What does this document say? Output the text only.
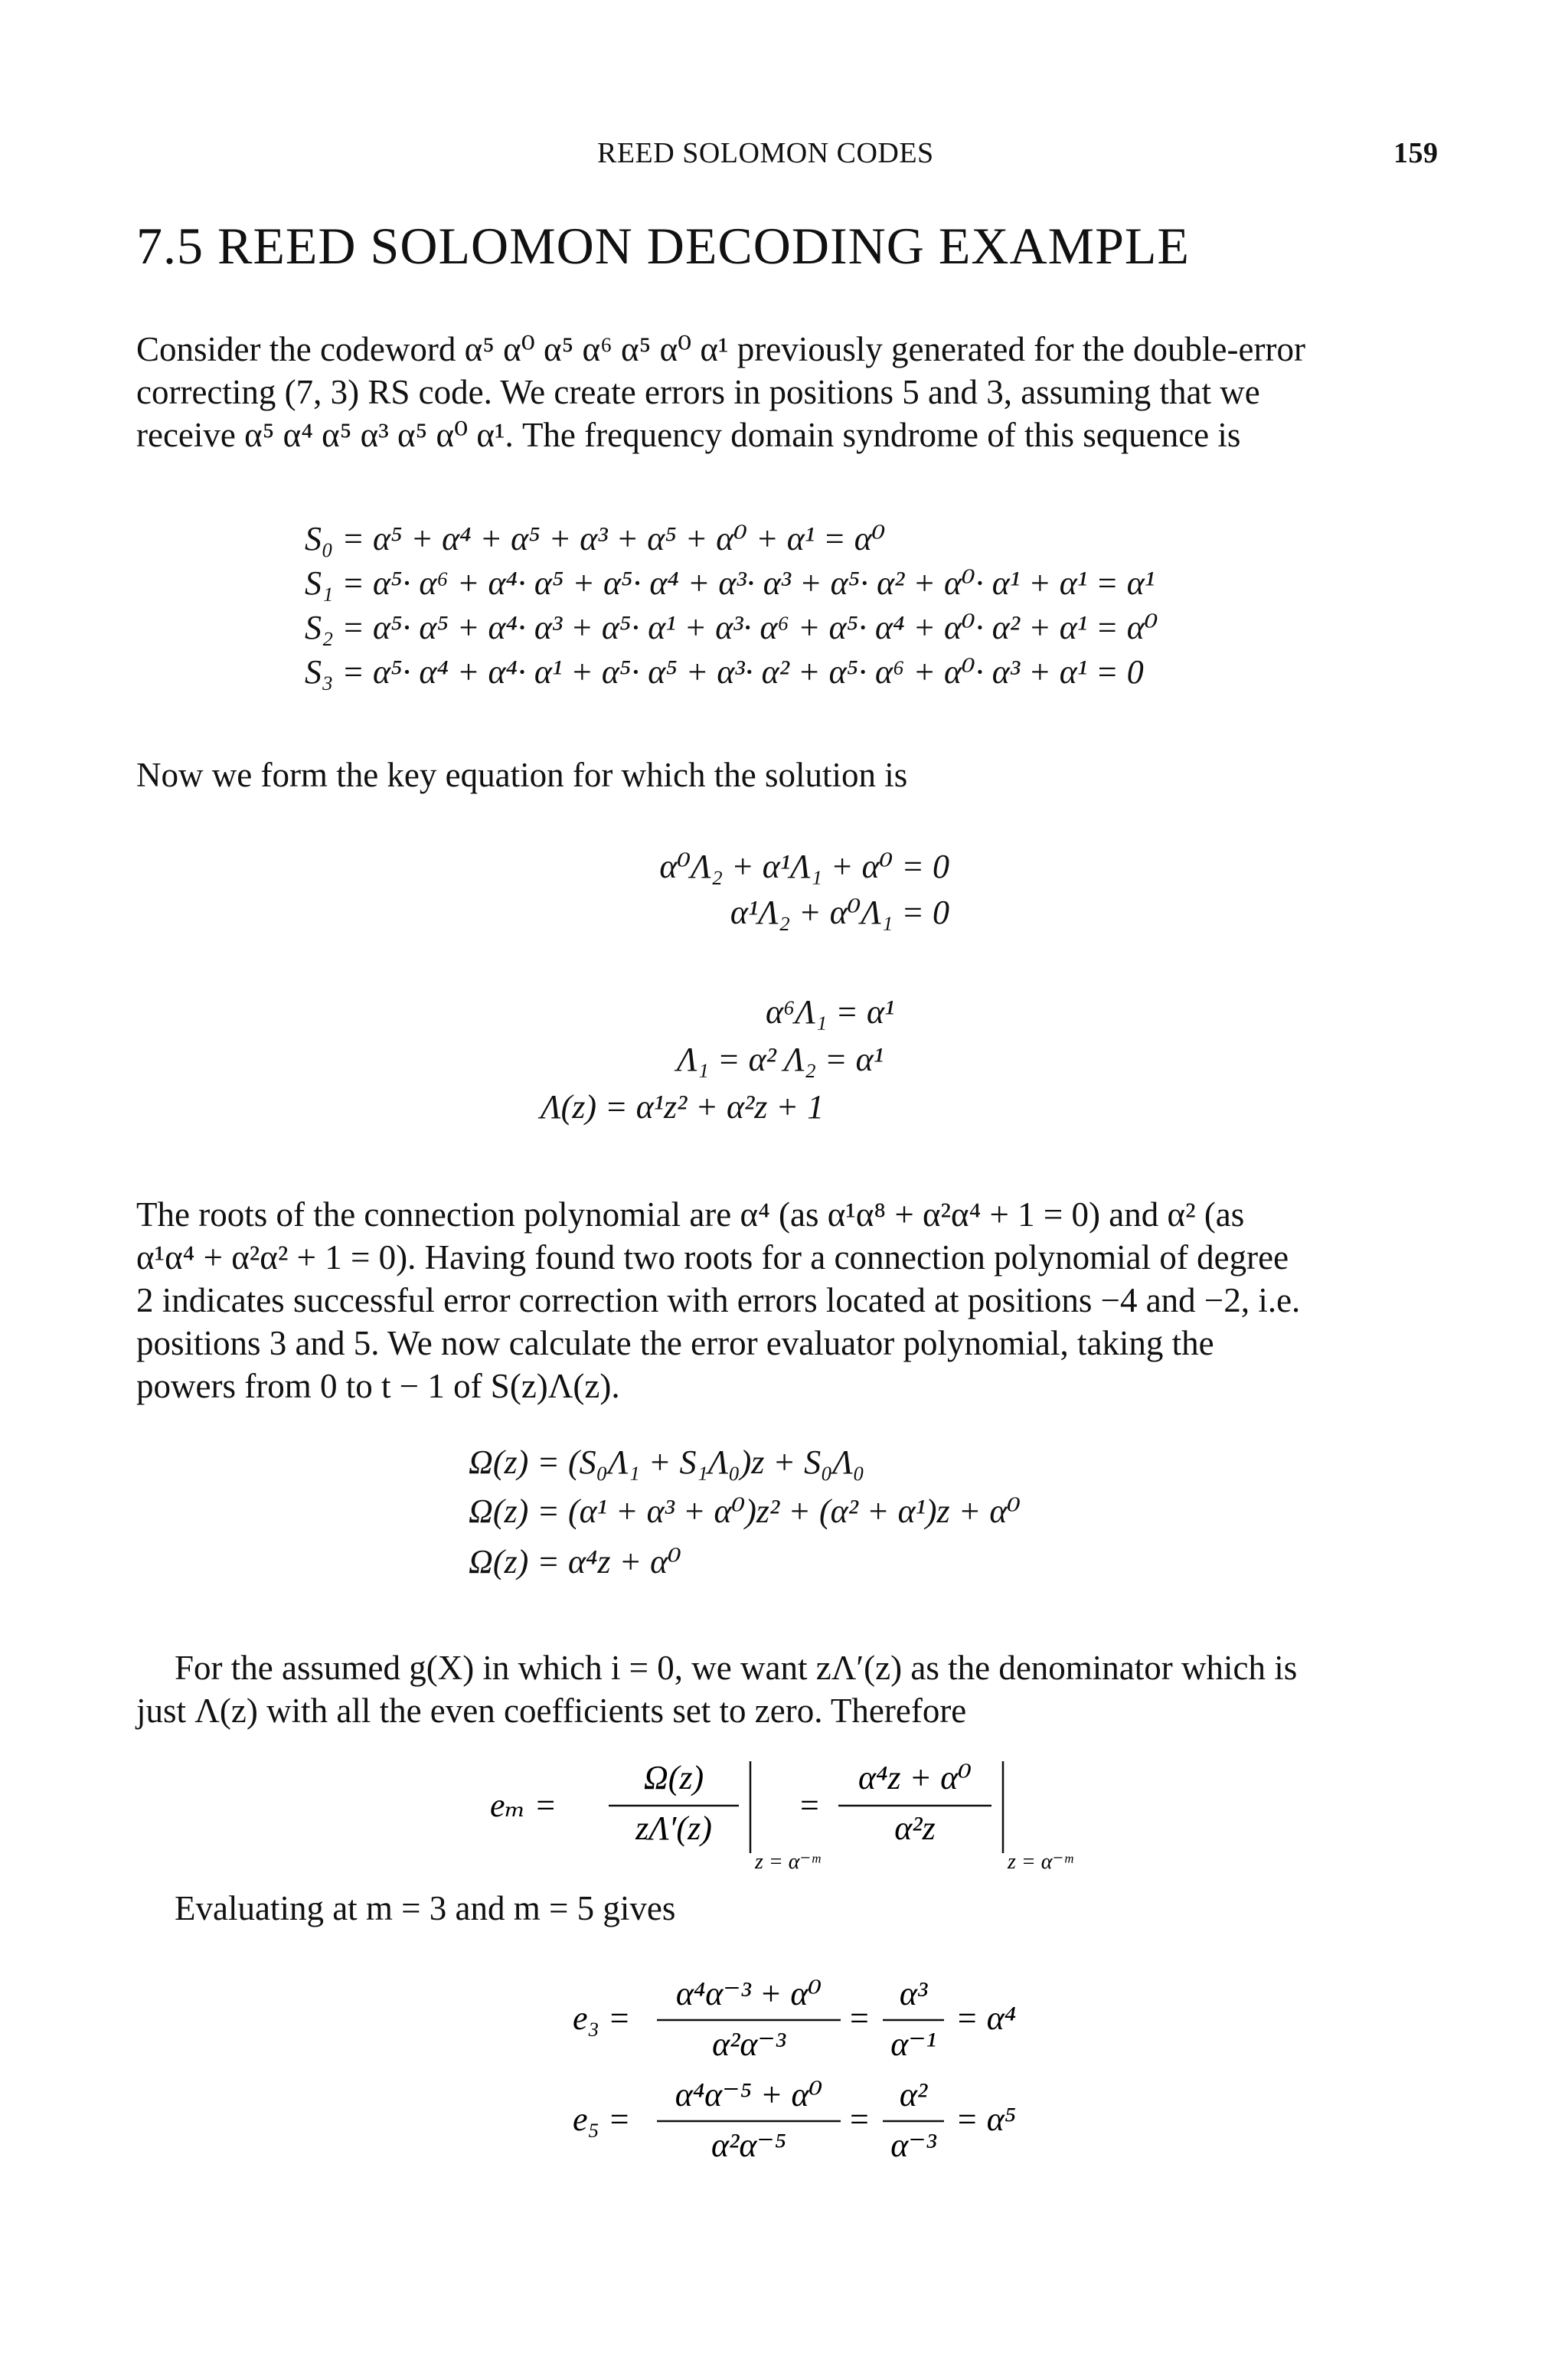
REED SOLOMON CODES	159
7.5 REED SOLOMON DECODING EXAMPLE
Consider the codeword α⁵ α⁰ α⁵ α⁶ α⁵ α⁰ α¹ previously generated for the double-error
correcting (7, 3) RS code. We create errors in positions 5 and 3, assuming that we
receive α⁵ α⁴ α⁵ α³ α⁵ α⁰ α¹. The frequency domain syndrome of this sequence is
S₀ = α⁵ + α⁴ + α⁵ + α³ + α⁵ + α⁰ + α¹ = α⁰
S₁ = α⁵· α⁶ + α⁴· α⁵ + α⁵· α⁴ + α³· α³ + α⁵· α² + α⁰· α¹ + α¹ = α¹
S₂ = α⁵· α⁵ + α⁴· α³ + α⁵· α¹ + α³· α⁶ + α⁵· α⁴ + α⁰· α² + α¹ = α⁰
S₃ = α⁵· α⁴ + α⁴· α¹ + α⁵· α⁵ + α³· α² + α⁵· α⁶ + α⁰· α³ + α¹ = 0
Now we form the key equation for which the solution is
α⁰Λ₂ + α¹Λ₁ + α⁰ = 0
α¹Λ₂ + α⁰Λ₁ = 0
α⁶Λ₁ = α¹
Λ₁ = α² Λ₂ = α¹
Λ(z) = α¹z² + α²z + 1
The roots of the connection polynomial are α⁴ (as α¹α⁸ + α²α⁴ + 1 = 0) and α² (as
α¹α⁴ + α²α² + 1 = 0). Having found two roots for a connection polynomial of degree
2 indicates successful error correction with errors located at positions −4 and −2, i.e.
positions 3 and 5. We now calculate the error evaluator polynomial, taking the
powers from 0 to t − 1 of S(z)Λ(z).
Ω(z) = (S₀Λ₁ + S₁Λ₀)z + S₀Λ₀
Ω(z) = (α¹ + α³ + α⁰)z² + (α² + α¹)z + α⁰
Ω(z) = α⁴z + α⁰
For the assumed g(X) in which i = 0, we want zΛ′(z) as the denominator which is
just Λ(z) with all the even coefficients set to zero. Therefore
eₘ =
Ω(z)
zΛ′(z)
z = α⁻ᵐ
=
α⁴z + α⁰
α²z
z = α⁻ᵐ
Evaluating at m = 3 and m = 5 gives
e₃ =
α⁴α⁻³ + α⁰
α²α⁻³
=
α³
α⁻¹
= α⁴
e₅ =
α⁴α⁻⁵ + α⁰
α²α⁻⁵
=
α²
α⁻³
= α⁵
